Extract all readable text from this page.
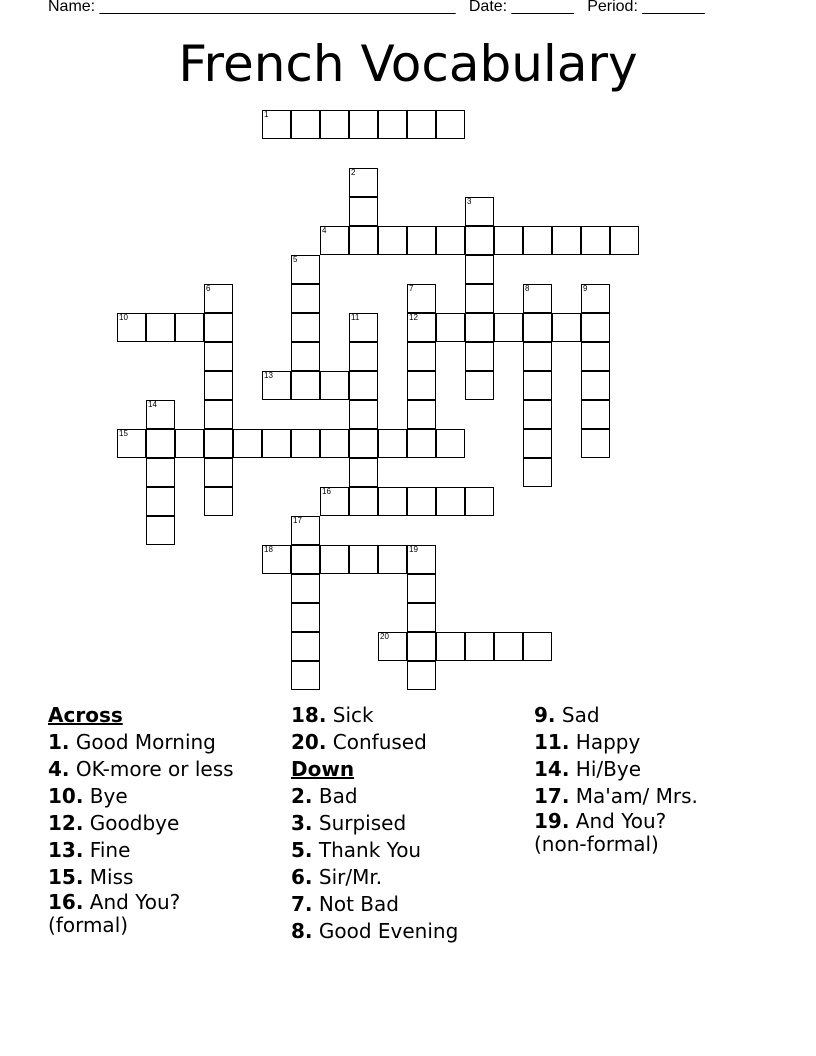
Name: ________________________________________ Date: _______ Period: _______
French Vocabulary
1
2
3
4
5
6	7
12
8	9
10	11
13
14
15
16
17
18	19
20
Across
1. Good Morning
4. OK-more or less
10. Bye
12. Goodbye
13. Fine
15. Miss
16. And You? (formal)
18. Sick
20. Confused
Down
2. Bad
3. Surpised
5. Thank You
6. Sir/Mr.
7. Not Bad
8. Good Evening
9. Sad
11. Happy
14. Hi/Bye
17. Ma'am/ Mrs.
19. And You? (non-formal)
